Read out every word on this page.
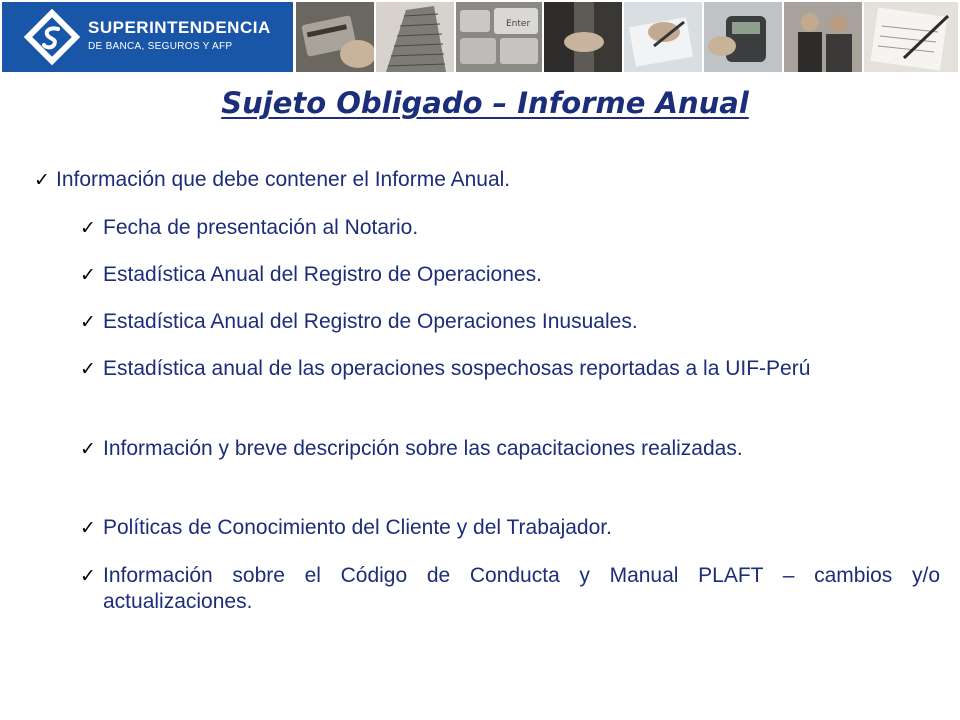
SUPERINTENDENCIA
DE BANCA, SEGUROS Y AFP
Enter
Sujeto Obligado – Informe Anual
✓ Información que debe contener el Informe Anual.
✓ Fecha de presentación al Notario.
✓ Estadística Anual del Registro de Operaciones.
✓ Estadística Anual del Registro de Operaciones Inusuales.
✓ Estadística anual de las operaciones sospechosas reportadas a la UIF-Perú
✓ Información y breve descripción sobre las capacitaciones realizadas.
✓ Políticas de Conocimiento del Cliente y del Trabajador.
✓ Información sobre el Código de Conducta y Manual PLAFT – cambios y/o actualizaciones.
